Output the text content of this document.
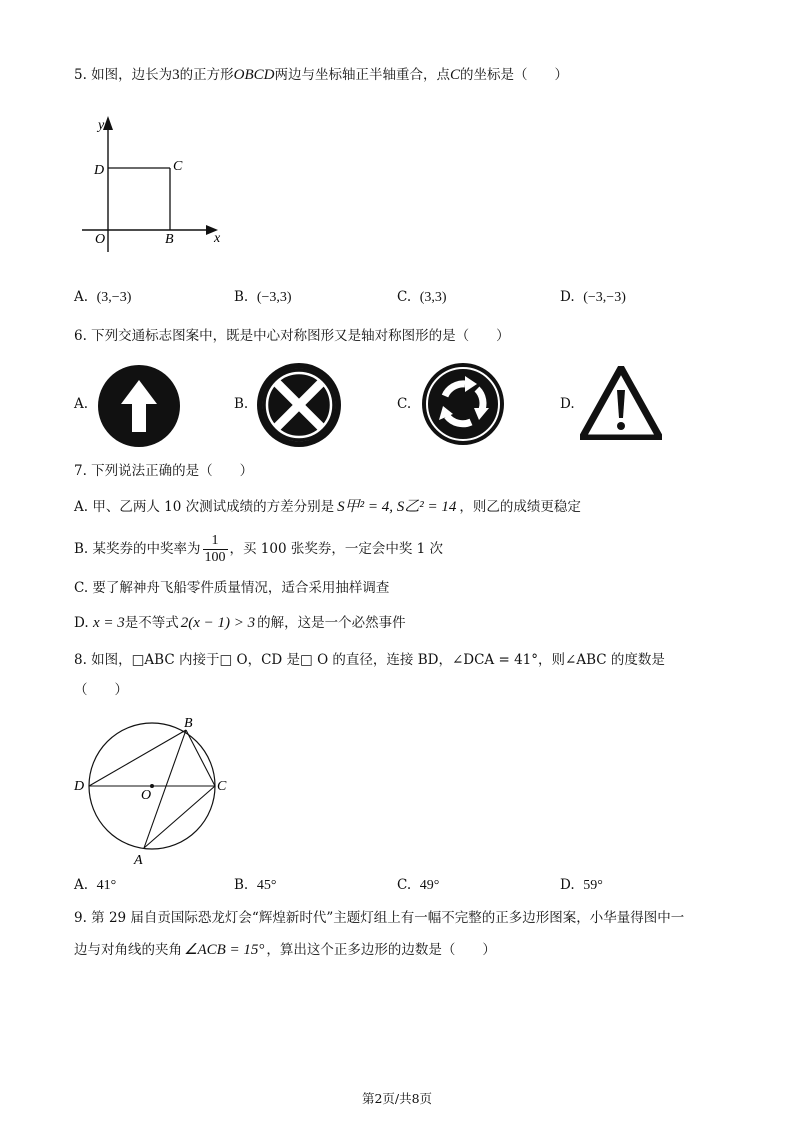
5. 如图，边长为3的正方形OBCD两边与坐标轴正半轴重合，点C的坐标是（　　）
y
D	C
O	B	x
A. (3,−3)	B. (−3,3)	C. (3,3)	D. (−3,−3)
6. 下列交通标志图案中，既是中心对称图形又是轴对称图形的是（　　）
A.	B.	C.	D.
7. 下列说法正确的是（　　）
A. 甲、乙两人 10 次测试成绩的方差分别是 S甲² = 4, S乙² = 14 ，则乙的成绩更稳定
B. 某奖券的中奖率为 $\frac{1}{100}$ ，买 100 张奖券，一定会中奖 1 次
C. 要了解神舟飞船零件质量情况，适合采用抽样调查
D. x = 3是不等式 2(x − 1) > 3 的解，这是一个必然事件
8. 如图，□ABC 内接于□ O，CD 是□ O 的直径，连接 BD，∠DCA = 41°，则∠ABC 的度数是
（　　）
B
D
O
C
A
A. 41°	B. 45°	C. 49°	D. 59°
9. 第 29 届自贡国际恐龙灯会“辉煌新时代”主题灯组上有一幅不完整的正多边形图案，小华量得图中一
边与对角线的夹角 ∠ACB = 15° ，算出这个正多边形的边数是（　　）
第2页/共8页
